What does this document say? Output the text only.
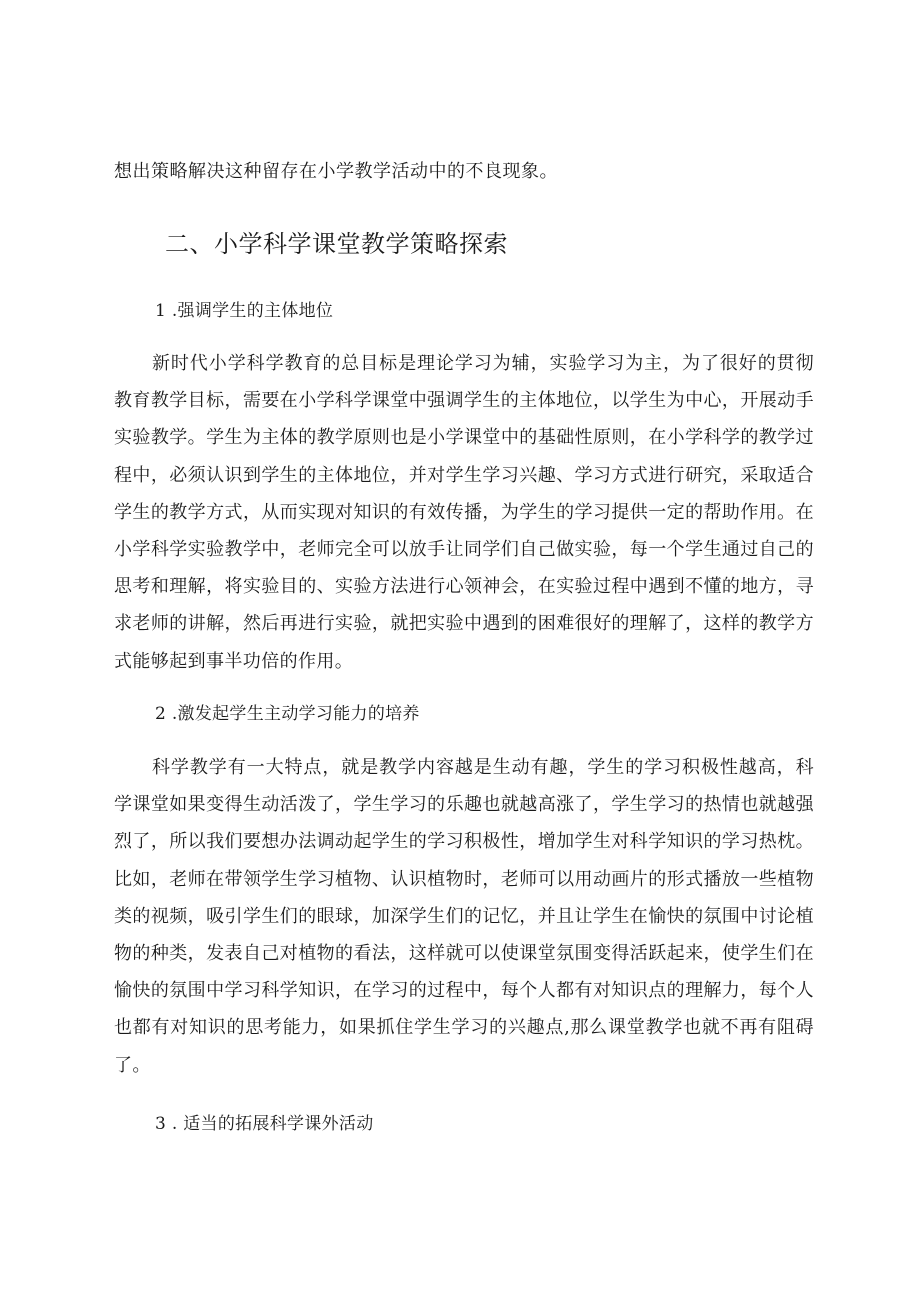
想出策略解决这种留存在小学教学活动中的不良现象。
二、小学科学课堂教学策略探索
1 .强调学生的主体地位

新时代小学科学教育的总目标是理论学习为辅，实验学习为主，为了很好的贯彻教育教学目标，需要在小学科学课堂中强调学生的主体地位，以学生为中心，开展动手实验教学。学生为主体的教学原则也是小学课堂中的基础性原则，在小学科学的教学过程中，必须认识到学生的主体地位，并对学生学习兴趣、学习方式进行研究，采取适合学生的教学方式，从而实现对知识的有效传播，为学生的学习提供一定的帮助作用。在小学科学实验教学中，老师完全可以放手让同学们自己做实验，每一个学生通过自己的思考和理解，将实验目的、实验方法进行心领神会，在实验过程中遇到不懂的地方，寻求老师的讲解，然后再进行实验，就把实验中遇到的困难很好的理解了，这样的教学方式能够起到事半功倍的作用。

2 .激发起学生主动学习能力的培养

科学教学有一大特点，就是教学内容越是生动有趣，学生的学习积极性越高，科学课堂如果变得生动活泼了，学生学习的乐趣也就越高涨了，学生学习的热情也就越强烈了，所以我们要想办法调动起学生的学习积极性，增加学生对科学知识的学习热枕。比如，老师在带领学生学习植物、认识植物时，老师可以用动画片的形式播放一些植物类的视频，吸引学生们的眼球，加深学生们的记忆，并且让学生在愉快的氛围中讨论植物的种类，发表自己对植物的看法，这样就可以使课堂氛围变得活跃起来，使学生们在愉快的氛围中学习科学知识，在学习的过程中，每个人都有对知识点的理解力，每个人也都有对知识的思考能力，如果抓住学生学习的兴趣点,那么课堂教学也就不再有阻碍了。

3 . 适当的拓展科学课外活动
